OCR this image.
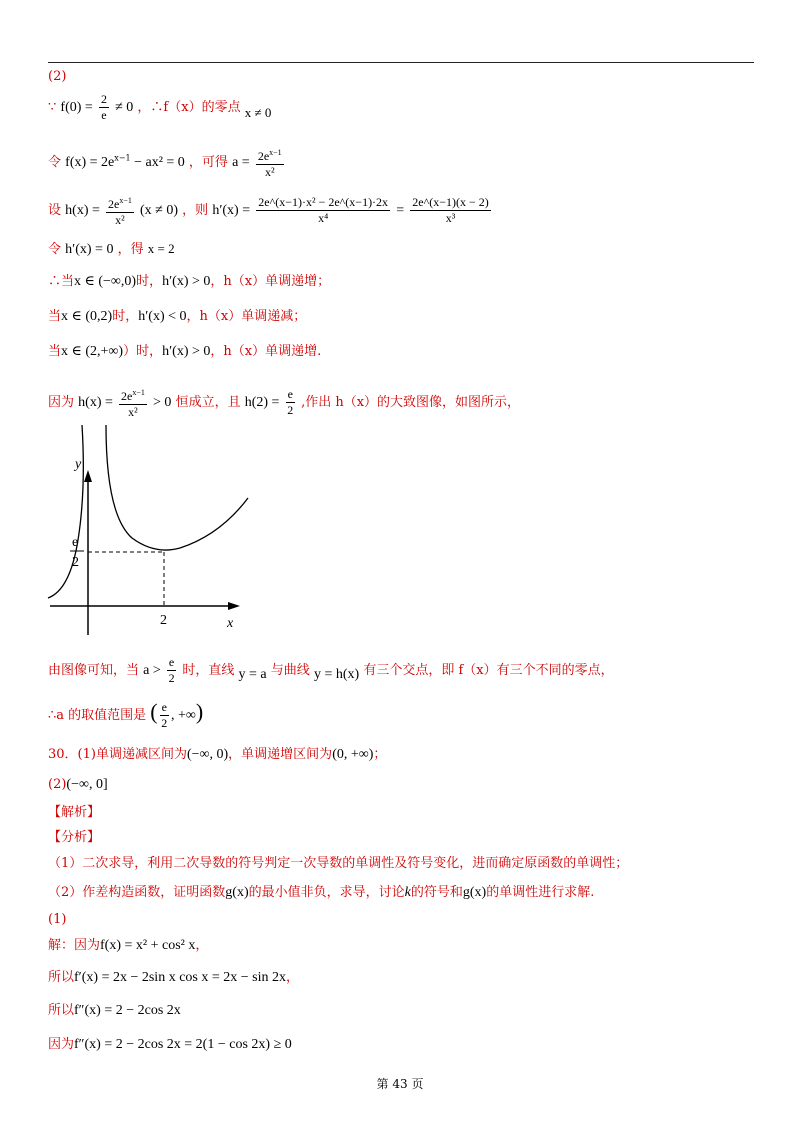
(2)
∵ $f(0) = \frac{2}{e} \ne 0$ ，∴f（x）的零点 x ≠ 0
令 $f(x) = 2e^{x-1} - ax^2 = 0$ ，可得 $a = \frac{2e^{x-1}}{\text{x²}}$
设 $h(x) = \frac{2e^{x-1}}{\text{x²}} (x \ne 0)$ ，则 $h'(x) = \frac{\text{2e\textasciicircum{}(x−1)·x² − 2e\textasciicircum{}(x−1)·2x}}{\text{x⁴}} = \frac{2e\^{}(x-1)(x - 2)}{\text{x³}}$
令 h′(x) = 0 ，得 x = 2
∴当x ∈ (−∞,0)时，h′(x) > 0，h（x）单调递增；
当x ∈ (0,2)时，h′(x) < 0，h（x）单调递减；
当x ∈ (2,+∞)）时，h′(x) > 0，h（x）单调递增.
因为 $h(x) = \frac{2e^{x-1}}{\text{x²}} > 0$ 恒成立，且 $h(2) = \frac{e}{2}$ ,作出 h（x）的大致图像，如图所示，
y
x
e
2
2
由图像可知，当 $a > \frac{e}{2}$ 时，直线 y = a 与曲线 y = h(x) 有三个交点，即 f（x）有三个不同的零点，
∴a 的取值范围是 ( $\frac{e}{2}$ , +∞)
30．(1)单调递减区间为(−∞, 0)，单调递增区间为(0, +∞)；
(2)(−∞, 0]
【解析】
【分析】
（1）二次求导，利用二次导数的符号判定一次导数的单调性及符号变化，进而确定原函数的单调性；
（2）作差构造函数，证明函数g(x)的最小值非负，求导，讨论k的符号和g(x)的单调性进行求解.
(1)
解：因为f(x) = x² + cos² x，
所以f′(x) = 2x − 2sin x cos x = 2x − sin 2x，
所以f″(x) = 2 − 2cos 2x
因为f″(x) = 2 − 2cos 2x = 2(1 − cos 2x) ≥ 0
第 43 页
